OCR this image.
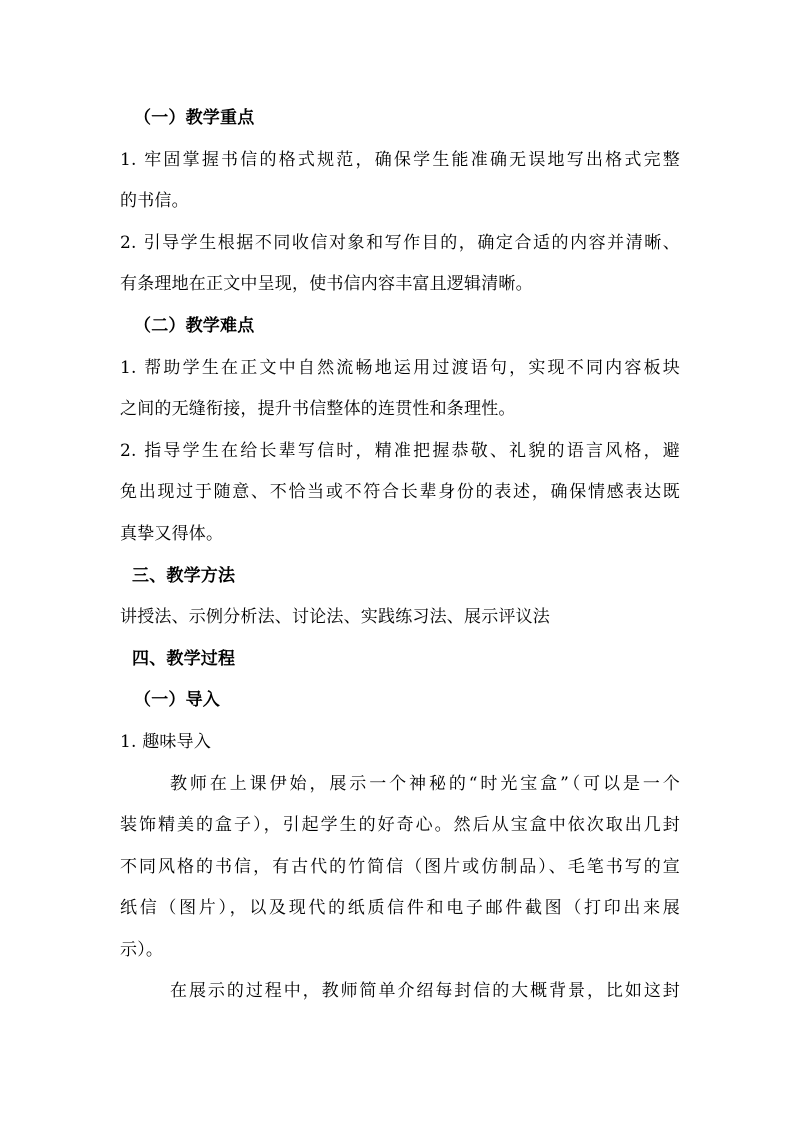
（一）教学重点
1. 牢固掌握书信的格式规范，确保学生能准确无误地写出格式完整
的书信。
2. 引导学生根据不同收信对象和写作目的，确定合适的内容并清晰、
有条理地在正文中呈现，使书信内容丰富且逻辑清晰。
（二）教学难点
1. 帮助学生在正文中自然流畅地运用过渡语句，实现不同内容板块
之间的无缝衔接，提升书信整体的连贯性和条理性。
2. 指导学生在给长辈写信时，精准把握恭敬、礼貌的语言风格，避
免出现过于随意、不恰当或不符合长辈身份的表述，确保情感表达既
真挚又得体。
三、教学方法
讲授法、示例分析法、讨论法、实践练习法、展示评议法
四、教学过程
（一）导入
1. 趣味导入
教师在上课伊始，展示一个神秘的“时光宝盒”（可以是一个
装饰精美的盒子），引起学生的好奇心。然后从宝盒中依次取出几封
不同风格的书信，有古代的竹简信（图片或仿制品）、毛笔书写的宣
纸信（图片），以及现代的纸质信件和电子邮件截图（打印出来展
示）。
在展示的过程中，教师简单介绍每封信的大概背景，比如这封
